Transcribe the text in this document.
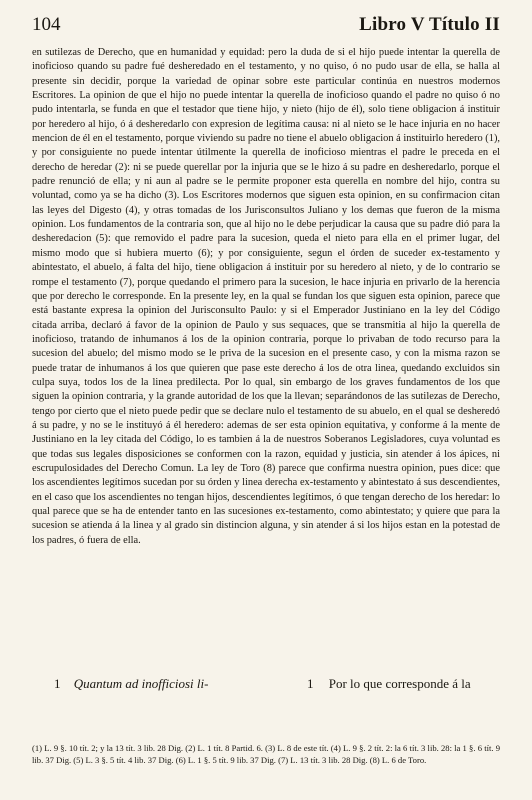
104	Libro V Título II

en sutilezas de Derecho, que en humanidad y equidad: pero la duda de si el hijo puede intentar la querella de inoficioso quando su padre fué desheredado en el testamento, y no quiso, ó no pudo usar de ella, se halla al presente sin decidir, porque la variedad de opinar sobre este particular continúa en nuestros modernos Escritores. La opinion de que el hijo no puede intentar la querella de inoficioso quando el padre no quiso ó no pudo intentarla, se funda en que el testador que tiene hijo, y nieto (hijo de él), solo tiene obligacion á instituir por heredero al hijo, ó á desheredarlo con expresion de legítima causa: ni al nieto se le hace injuria en no hacer mencion de él en el testamento, porque viviendo su padre no tiene el abuelo obligacion á instituirlo heredero (1), y por consiguiente no puede intentar útilmente la querella de inoficioso mientras el padre le preceda en el derecho de heredar (2): ni se puede querellar por la injuria que se le hizo á su padre en desheredarlo, porque el padre renunció de ella; y ni aun al padre se le permite proponer esta querella en nombre del hijo, contra su voluntad, como ya se ha dicho (3). Los Escritores modernos que siguen esta opinion, en su confirmacion citan las leyes del Digesto (4), y otras tomadas de los Jurisconsultos Juliano y los demas que fueron de la misma opinion. Los fundamentos de la contraria son, que al hijo no le debe perjudicar la causa que su padre dió para la desheredacion (5): que removido el padre para la sucesion, queda el nieto para ella en el primer lugar, del mismo modo que si hubiera muerto (6); y por consiguiente, segun el órden de suceder ex-testamento y abintestato, el abuelo, á falta del hijo, tiene obligacion á instituir por su heredero al nieto, y de lo contrario se rompe el testamento (7), porque quedando el primero para la sucesion, le hace injuria en privarlo de la herencia que por derecho le corresponde. En la presente ley, en la qual se fundan los que siguen esta opinion, parece que está bastante expresa la opinion del Jurisconsulto Paulo: y si el Emperador Justiniano en la ley del Código citada arriba, declaró á favor de la opinion de Paulo y sus sequaces, que se transmitia al hijo la querella de inoficioso, tratando de inhumanos á los de la opinion contraria, porque lo privaban de todo recurso para la sucesion del abuelo; del mismo modo se le priva de la sucesion en el presente caso, y con la misma razon se puede tratar de inhumanos á los que quieren que pase este derecho á los de otra linea, quedando excluidos sin culpa suya, todos los de la linea predilecta. Por lo qual, sin embargo de los graves fundamentos de los que siguen la opinion contraria, y la grande autoridad de los que la llevan; separándonos de las sutilezas de Derecho, tengo por cierto que el nieto puede pedir que se declare nulo el testamento de su abuelo, en el qual se desheredó á su padre, y no se le instituyó á él heredero: ademas de ser esta opinion equitativa, y conforme á la mente de Justiniano en la ley citada del Código, lo es tambien á la de nuestros Soberanos Legisladores, cuya voluntad es que todas sus legales disposiciones se conformen con la razon, equidad y justicia, sin atender á los ápices, ni escrupulosidades del Derecho Comun. La ley de Toro (8) parece que confirma nuestra opinion, pues dice: que los ascendientes legítimos sucedan por su órden y linea derecha ex-testamento y abintestato á sus descendientes, en el caso que los ascendientes no tengan hijos, descendientes legítimos, ó que tengan derecho de los heredar: lo qual parece que se ha de entender tanto en las sucesiones ex-testamento, como abintestato; y quiere que para la sucesion se atienda á la linea y al grado sin distincion alguna, y sin atender á si los hijos estan en la potestad de los padres, ó fuera de ella.

1 Quantum ad inofficiosi li-	1 Por lo que corresponde á la

(1) L. 9 §. 10 tít. 2; y la 13 tít. 3 lib. 28 Dig. (2) L. 1 tít. 8 Partid. 6. (3) L. 8 de este tít. (4) L. 9 §. 2 tít. 2: la 6 tít. 3 lib. 28: la 1 §. 6 tít. 9 lib. 37 Dig. (5) L. 3 §. 5 tít. 4 lib. 37 Dig. (6) L. 1 §. 5 tít. 9 lib. 37 Dig. (7) L. 13 tít. 3 lib. 28 Dig. (8) L. 6 de Toro.
